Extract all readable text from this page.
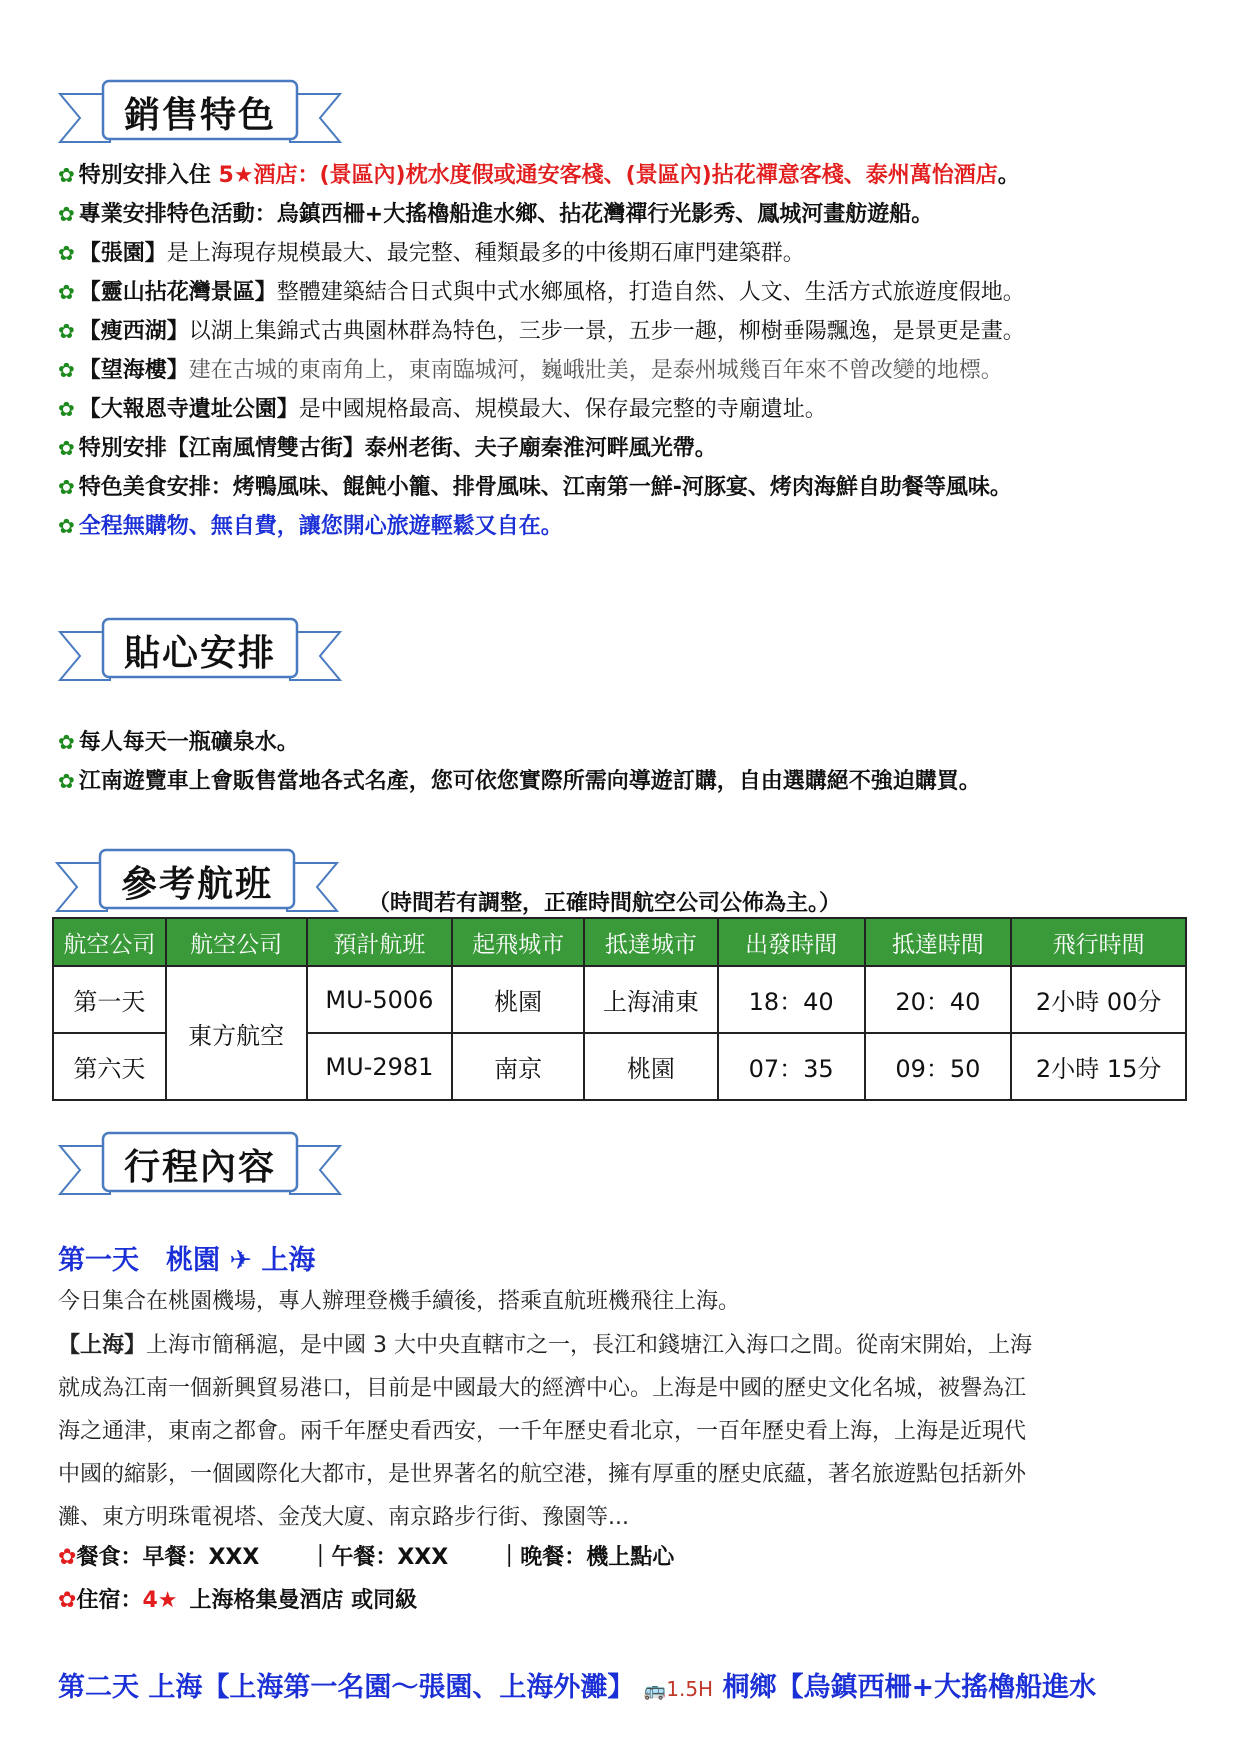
銷售特色
✿ 特別安排入住 5★酒店：(景區內)枕水度假或通安客棧、(景區內)拈花禪意客棧、泰州萬怡酒店。
✿ 專業安排特色活動：烏鎮西柵+大搖櫓船進水鄉、拈花灣禪行光影秀、鳳城河畫舫遊船。
✿ 【張園】是上海現存規模最大、最完整、種類最多的中後期石庫門建築群。
✿ 【靈山拈花灣景區】整體建築結合日式與中式水鄉風格，打造自然、人文、生活方式旅遊度假地。
✿ 【瘦西湖】以湖上集錦式古典園林群為特色，三步一景，五步一趣，柳樹垂陽飄逸，是景更是畫。
✿ 【望海樓】建在古城的東南角上，東南臨城河，巍峨壯美，是泰州城幾百年來不曾改變的地標。
✿ 【大報恩寺遺址公園】是中國規格最高、規模最大、保存最完整的寺廟遺址。
✿ 特別安排【江南風情雙古街】泰州老街、夫子廟秦淮河畔風光帶。
✿ 特色美食安排：烤鴨風味、餛飩小籠、排骨風味、江南第一鮮-河豚宴、烤肉海鮮自助餐等風味。
✿ 全程無購物、無自費，讓您開心旅遊輕鬆又自在。
貼心安排
✿ 每人每天一瓶礦泉水。
✿ 江南遊覽車上會販售當地各式名產，您可依您實際所需向導遊訂購，自由選購絕不強迫購買。
參考航班	（時間若有調整，正確時間航空公司公佈為主。）
航空公司	航空公司	預計航班	起飛城市	抵達城市	出發時間	抵達時間	飛行時間
第一天	東方航空	MU-5006	桃園	上海浦東	18：40	20：40	2小時 00分
第六天		MU-2981	南京	桃園	07：35	09：50	2小時 15分
行程內容
第一天　桃園 ✈ 上海
今日集合在桃園機場，專人辦理登機手續後，搭乘直航班機飛往上海。
【上海】上海市簡稱滬，是中國 3 大中央直轄市之一，長江和錢塘江入海口之間。從南宋開始，上海
就成為江南一個新興貿易港口，目前是中國最大的經濟中心。上海是中國的歷史文化名城，被譽為江
海之通津，東南之都會。兩千年歷史看西安，一千年歷史看北京，一百年歷史看上海，上海是近現代
中國的縮影，一個國際化大都市，是世界著名的航空港，擁有厚重的歷史底蘊，著名旅遊點包括新外
灘、東方明珠電視塔、金茂大廈、南京路步行街、豫園等...
✿餐食：早餐：XXX ｜午餐：XXX ｜晚餐：機上點心
✿住宿：4★ 上海格集曼酒店 或同級
第二天 上海【上海第一名園～張園、上海外灘】 🚌1.5H 桐鄉【烏鎮西柵+大搖櫓船進水
